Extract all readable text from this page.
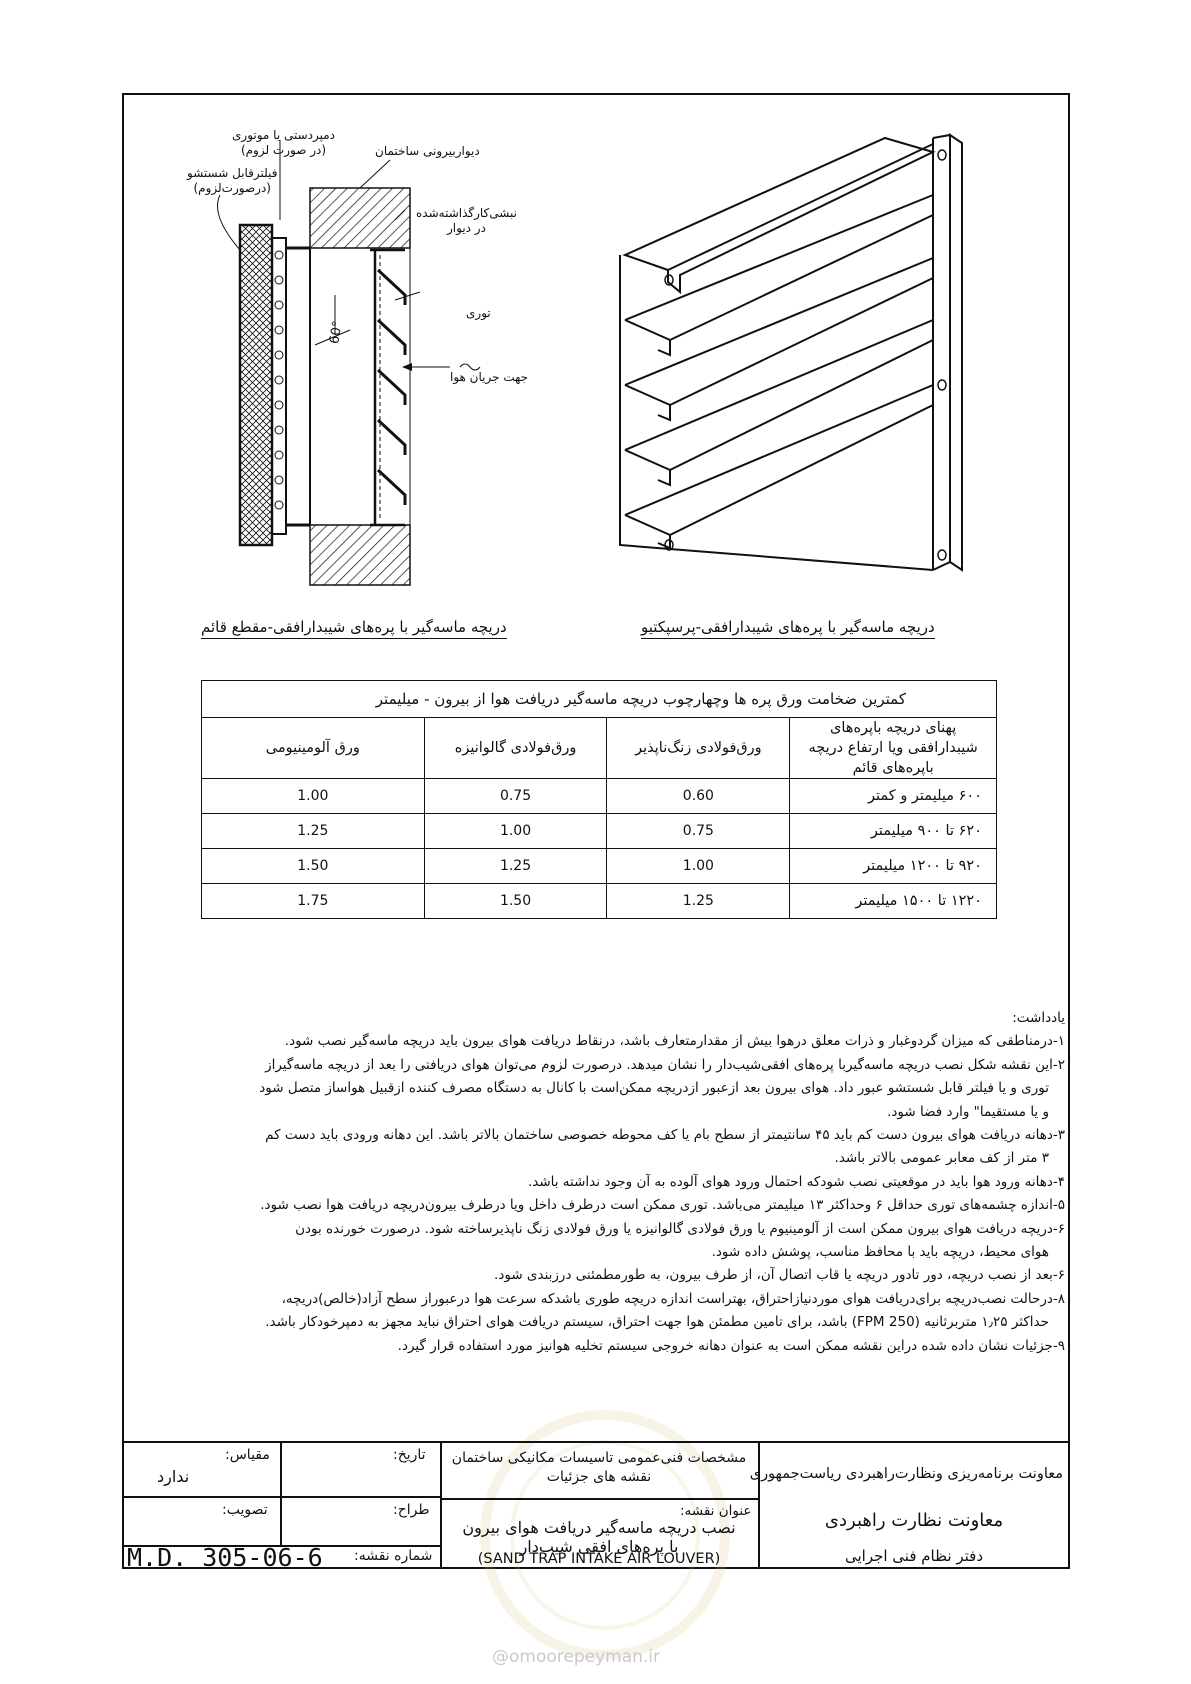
دمپردستی یا موتوری
(در صورت لزوم)
فیلترقابل شستشو
(درصورت‌لزوم)
دیواربیرونی ساختمان
نبشی‌کارگذاشته‌شده
در دیوار
توری
جهت جریان هوا
60°
دریچه ماسه‌گیر با پره‌های شیبدارافقی-مقطع قائم	دریچه ماسه‌گیر با پره‌های شیبدارافقی-پرسپکتیو
کمترین ضخامت ورق پره ها وچهارچوب دریچه ماسه‌گیر دریافت هوا از بیرون - میلیمتر			
پهنای دریچه باپره‌های شیبدارافقی ویا ارتفاع دریچه باپره‌های قائم	ورق‌فولادی زنگ‌ناپذیر	ورق‌فولادی گالوانیزه	ورق آلومینیومی
۶۰۰ میلیمتر و کمتر	0.60	0.75	1.00
۶۲۰ تا ۹۰۰ میلیمتر	0.75	1.00	1.25
۹۲۰ تا ۱۲۰۰ میلیمتر	1.00	1.25	1.50
۱۲۲۰ تا ۱۵۰۰ میلیمتر	1.25	1.50	1.75
یادداشت:
۱-درمناطقی که میزان گردوغبار و ذرات معلق درهوا بیش از مقدارمتعارف باشد، درنقاط دریافت هوای بیرون باید دریچه ماسه‌گیر نصب شود.
۲-این نقشه شکل نصب دریچه ماسه‌گیربا پره‌های افقی‌شیب‌دار را نشان میدهد. درصورت لزوم می‌توان هوای دریافتی را بعد از دریچه ماسه‌گیراز
توری و یا فیلتر قابل شستشو عبور داد. هوای بیرون بعد ازعبور ازدریچه ممکن‌است با کانال به دستگاه مصرف کننده ازقبیل هواساز متصل شود
و یا مستقیما" وارد فضا شود.
۳-دهانه دریافت هوای بیرون دست کم باید ۴۵ سانتیمتر از سطح بام یا کف محوطه خصوصی ساختمان بالاتر باشد. این دهانه ورودی باید دست کم
۳ متر از کف معابر عمومی بالاتر باشد.
۴-دهانه ورود هوا باید در موقعیتی نصب شودکه احتمال ورود هوای آلوده به آن وجود نداشته باشد.
۵-اندازه چشمه‌های توری حداقل ۶ وحداکثر ۱۳ میلیمتر می‌باشد. توری ممکن است درطرف داخل ویا درطرف بیرون‌دریچه دریافت هوا نصب شود.
۶-دریچه دریافت هوای بیرون ممکن است از آلومینیوم یا ورق فولادی گالوانیزه یا ورق فولادی زنگ ناپذیرساخته شود. درصورت خورنده بودن
هوای محیط، دریچه باید با محافظ مناسب، پوشش داده شود.
۶-بعد از نصب دریچه، دور تادور دریچه یا قاب اتصال آن، از طرف بیرون، به طورمطمئنی درزبندی شود.
۸-درحالت نصب‌دریچه برای‌دریافت هوای موردنیازاحتراق، بهتراست اندازه دریچه طوری باشدکه سرعت هوا درعبوراز سطح آزاد(خالص)دریچه،
حداکثر ۱٫۲۵ متربرثانیه (250 FPM) باشد، برای تامین مطمئن هوا جهت احتراق، سیستم دریافت هوای احتراق نباید مجهز به دمپرخودکار باشد.
۹-جزئیات نشان داده شده دراین نقشه ممکن است به عنوان دهانه خروجی سیستم تخلیه هوانیز مورد استفاده قرار گیرد.
معاونت برنامه‌ریزی ونظارت‌راهبردی ریاست‌جمهوری
معاونت نظارت راهبردی
دفتر نظام فنی اجرایی
مشخصات فنی‌عمومی تاسیسات مکانیکی ساختمان
نقشه های جزئیات
عنوان نقشه:
نصب دریچه ماسه‌گیر دریافت هوای بیرون
با پره‌های افقی شیب‌دار
(SAND TRAP INTAKE AIR LOUVER)
تاریخ:
طراح:
مقیاس:
ندارد
تصویب:
شماره نقشه:
M.D. 305-06-6
@omoorepeyman.ir
